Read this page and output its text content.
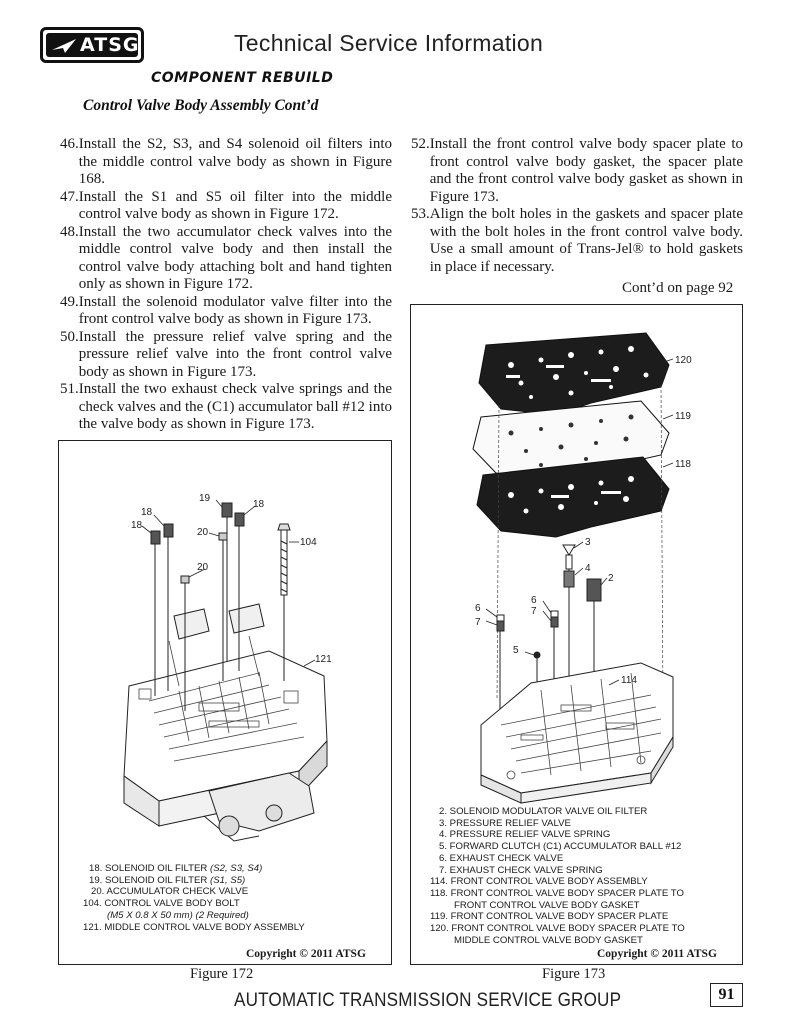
ATSG	Technical Service Information
COMPONENT REBUILD
Control Valve Body Assembly Cont’d
46. Install the S2, S3, and S4 solenoid oil filters into the middle control valve body as shown in Figure 168.
47. Install the S1 and S5 oil filter into the middle control valve body as shown in Figure 172.
48. Install the two accumulator check valves into the middle control valve body and then install the control valve body attaching bolt and hand tighten only as shown in Figure 172.
49. Install the solenoid modulator valve filter into the front control valve body as shown in Figure 173.
50. Install the pressure relief valve spring and the pressure relief valve into the front control valve body as shown in Figure 173.
51. Install the two exhaust check valve springs and the check valves and the (C1) accumulator ball #12 into the valve body as shown in Figure 173.
52. Install the front control valve body spacer plate to front control valve body gasket, the spacer plate and the front control valve body gasket as shown in Figure 173.
53. Align the bolt holes in the gaskets and spacer plate with the bolt holes in the front control valve body. Use a small amount of Trans-Jel® to hold gaskets in place if necessary.
Cont’d on page 92
19
18
18
18
20
104
20
121
18. SOLENOID OIL FILTER (S2, S3, S4)
19. SOLENOID OIL FILTER (S1, S5)
20. ACCUMULATOR CHECK VALVE
104. CONTROL VALVE BODY BOLT
(M5 X 0.8 X 50 mm) (2 Required)
121. MIDDLE CONTROL VALVE BODY ASSEMBLY
Copyright © 2011 ATSG
Figure 172
120
119
118
3
4
2
6
7
6
7
5
114
2. SOLENOID MODULATOR VALVE OIL FILTER
3. PRESSURE RELIEF VALVE
4. PRESSURE RELIEF VALVE SPRING
5. FORWARD CLUTCH (C1) ACCUMULATOR BALL #12
6. EXHAUST CHECK VALVE
7. EXHAUST CHECK VALVE SPRING
114. FRONT CONTROL VALVE BODY ASSEMBLY
118. FRONT CONTROL VALVE BODY SPACER PLATE TO
FRONT CONTROL VALVE BODY GASKET
119. FRONT CONTROL VALVE BODY SPACER PLATE
120. FRONT CONTROL VALVE BODY SPACER PLATE TO
MIDDLE CONTROL VALVE BODY GASKET
Copyright © 2011 ATSG
Figure 173
AUTOMATIC TRANSMISSION SERVICE GROUP	91
